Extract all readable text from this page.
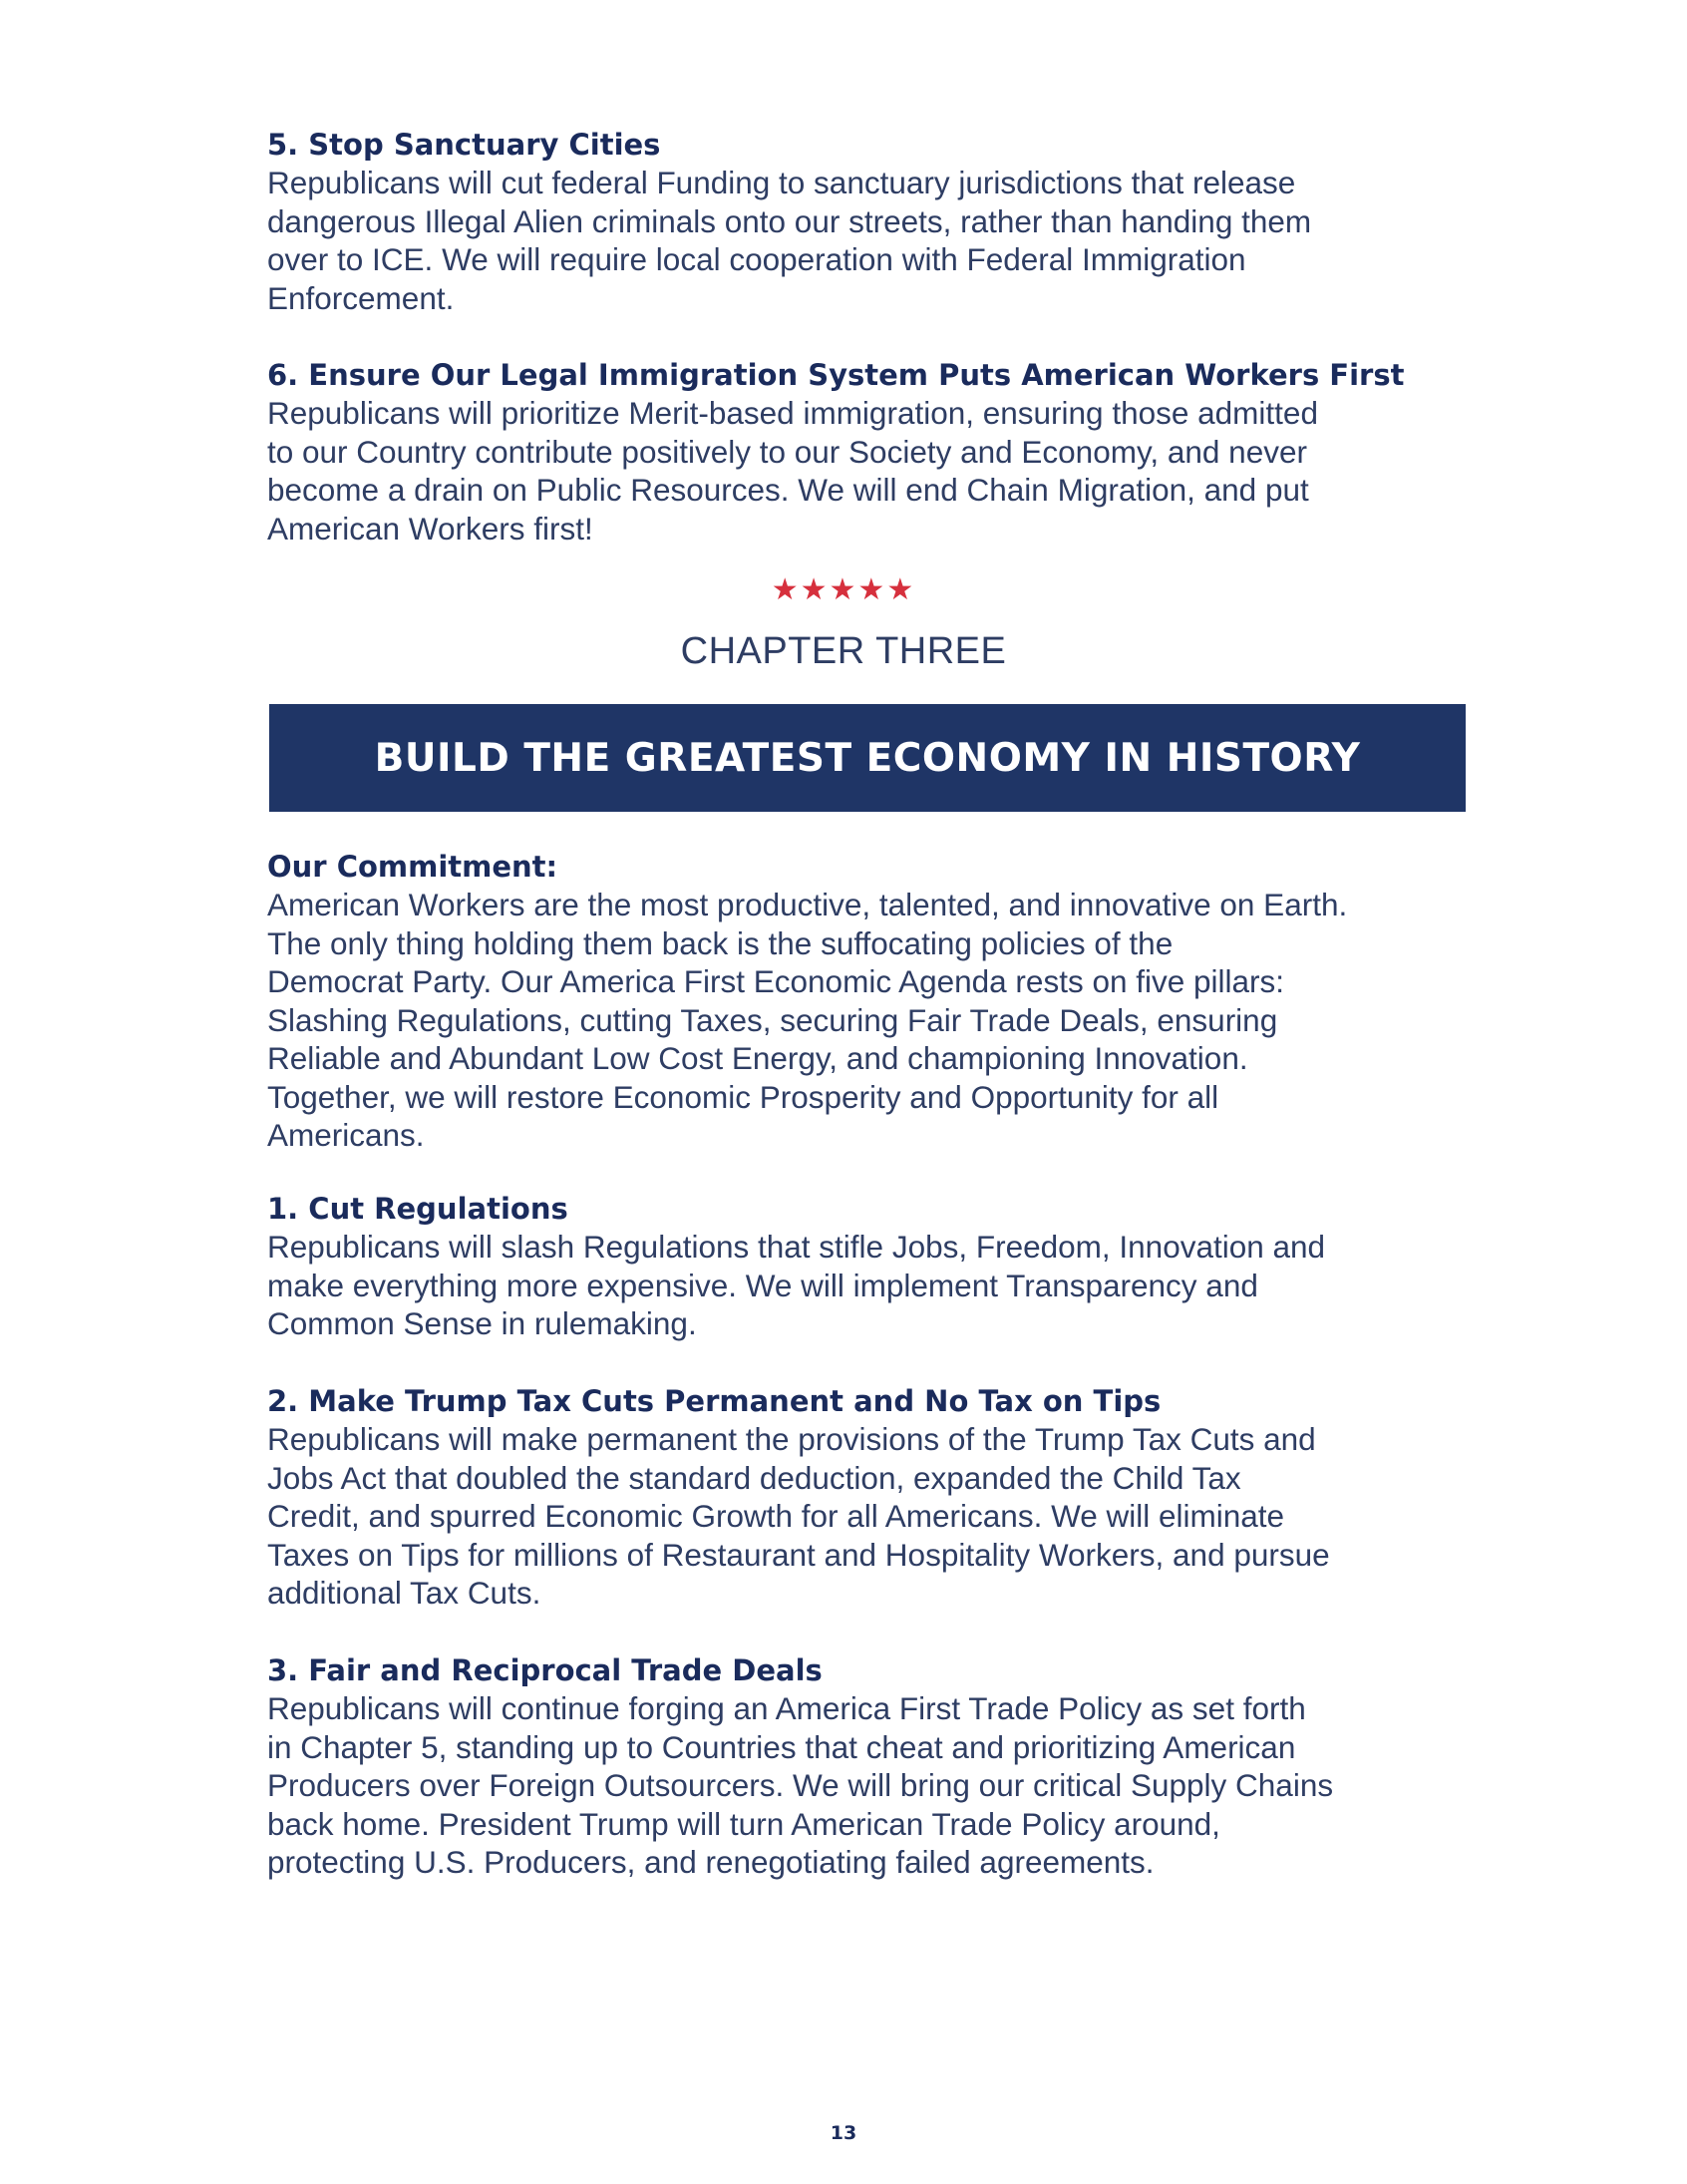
5. Stop Sanctuary Cities

Republicans will cut federal Funding to sanctuary jurisdictions that release
dangerous Illegal Alien criminals onto our streets, rather than handing them
over to ICE. We will require local cooperation with Federal Immigration
Enforcement.

6. Ensure Our Legal Immigration System Puts American Workers First

Republicans will prioritize Merit-based immigration, ensuring those admitted
to our Country contribute positively to our Society and Economy, and never
become a drain on Public Resources. We will end Chain Migration, and put
American Workers first!

★★★★★
CHAPTER THREE
BUILD THE GREATEST ECONOMY IN HISTORY
Our Commitment:

American Workers are the most productive, talented, and innovative on Earth.
The only thing holding them back is the suffocating policies of the
Democrat Party. Our America First Economic Agenda rests on five pillars:
Slashing Regulations, cutting Taxes, securing Fair Trade Deals, ensuring
Reliable and Abundant Low Cost Energy, and championing Innovation.
Together, we will restore Economic Prosperity and Opportunity for all
Americans.

1. Cut Regulations

Republicans will slash Regulations that stifle Jobs, Freedom, Innovation and
make everything more expensive. We will implement Transparency and
Common Sense in rulemaking.

2. Make Trump Tax Cuts Permanent and No Tax on Tips

Republicans will make permanent the provisions of the Trump Tax Cuts and
Jobs Act that doubled the standard deduction, expanded the Child Tax
Credit, and spurred Economic Growth for all Americans. We will eliminate
Taxes on Tips for millions of Restaurant and Hospitality Workers, and pursue
additional Tax Cuts.

3. Fair and Reciprocal Trade Deals

Republicans will continue forging an America First Trade Policy as set forth
in Chapter 5, standing up to Countries that cheat and prioritizing American
Producers over Foreign Outsourcers. We will bring our critical Supply Chains
back home. President Trump will turn American Trade Policy around,
protecting U.S. Producers, and renegotiating failed agreements.

13
